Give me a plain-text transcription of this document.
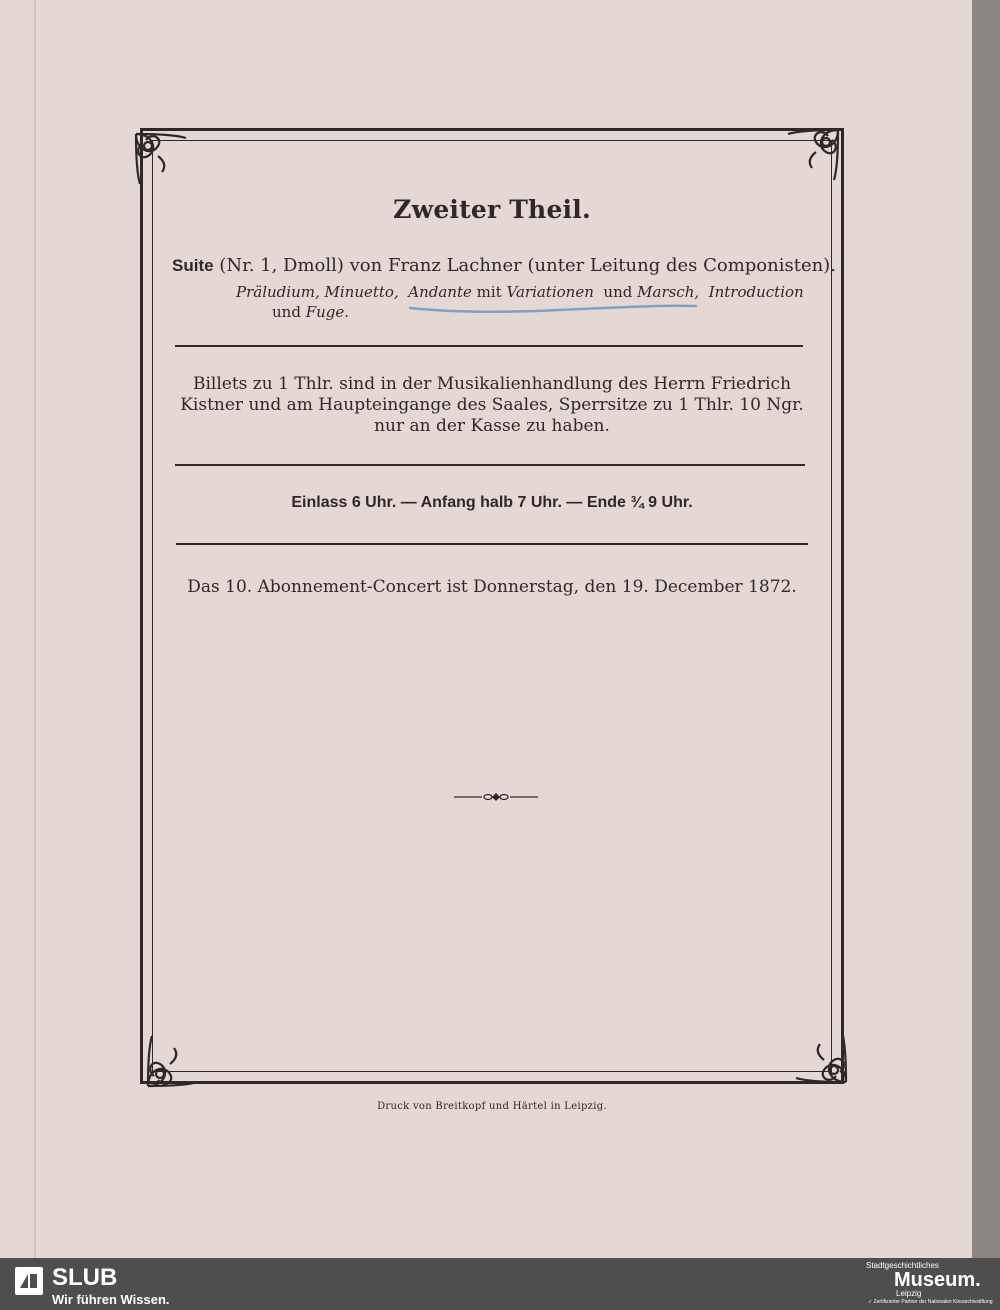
Zweiter Theil.
Suite (Nr. 1, Dmoll) von Franz Lachner (unter Leitung des Componisten).
Präludium, Minuetto, Andante mit Variationen und Marsch, Introduction
und Fuge.
Billets zu 1 Thlr. sind in der Musikalienhandlung des Herrn Friedrich
Kistner und am Haupteingange des Saales, Sperrsitze zu 1 Thlr. 10 Ngr.
nur an der Kasse zu haben.
Einlass 6 Uhr. — Anfang halb 7 Uhr. — Ende ¾ 9 Uhr.
Das 10. Abonnement-Concert ist Donnerstag, den 19. December 1872.
Druck von Breitkopf und Härtel in Leipzig.
SLUB
Wir führen Wissen.
Stadtgeschichtliches
Museum.
Leipzig
✓ Zertifizierter Partner der Nationalen Kinoarchivstiftung
